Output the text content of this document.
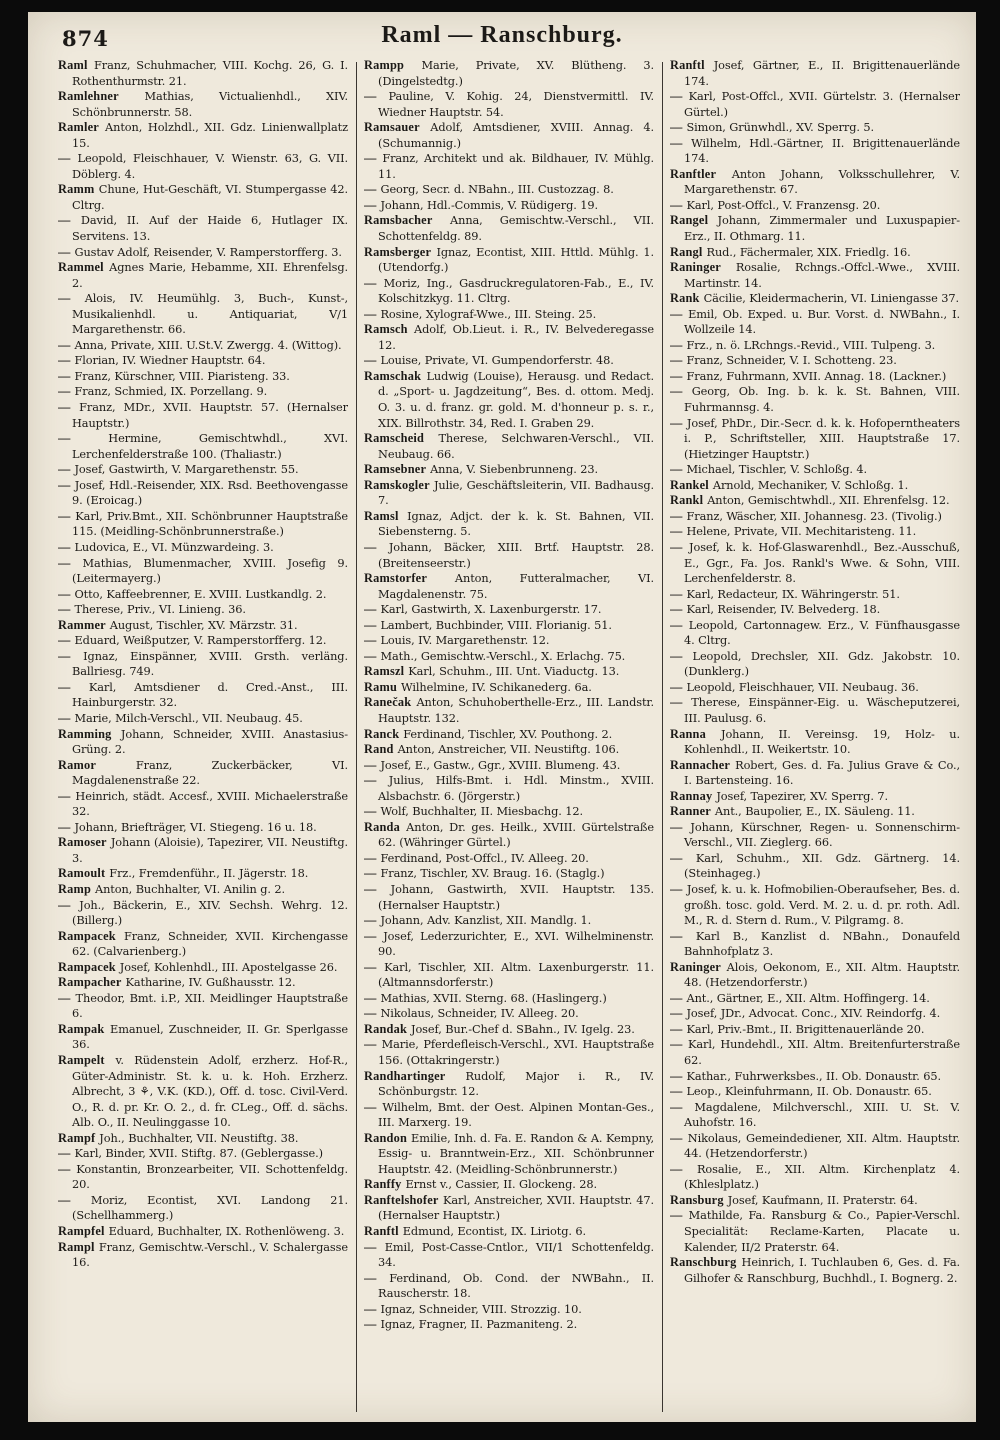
874	Raml — Ranschburg.

Raml Franz, Schuhmacher, VIII. Kochg. 26, G. I. Rothenthurmstr. 21.

Ramlehner Mathias, Victualienhdl., XIV. Schönbrunnerstr. 58.

Ramler Anton, Holzhdl., XII. Gdz. Linienwallplatz 15.

— Leopold, Fleischhauer, V. Wienstr. 63, G. VII. Döblerg. 4.

Ramm Chune, Hut-Geschäft, VI. Stumpergasse 42. Cltrg.

— David, II. Auf der Haide 6, Hutlager IX. Servitens. 13.

— Gustav Adolf, Reisender, V. Ramperstorfferg. 3.

Rammel Agnes Marie, Hebamme, XII. Ehrenfelsg. 2.

— Alois, IV. Heumühlg. 3, Buch-, Kunst-, Musikalienhdl. u. Antiquariat, V/1 Margarethenstr. 66.

— Anna, Private, XIII. U.St.V. Zwergg. 4. (Wittog).

— Florian, IV. Wiedner Hauptstr. 64.

— Franz, Kürschner, VIII. Piaristeng. 33.

— Franz, Schmied, IX. Porzellang. 9.

— Franz, MDr., XVII. Hauptstr. 57. (Hernalser Hauptstr.)

—	Hermine, Gemischtwhdl., XVI. Lerchenfelderstraße 100. (Thaliastr.)

— Josef, Gastwirth, V. Margarethenstr. 55.

— Josef, Hdl.-Reisender, XIX. Rsd. Beethovengasse 9. (Eroicag.)

— Karl, Priv.Bmt., XII. Schönbrunner Hauptstraße 115. (Meidling-Schönbrunnerstraße.)

— Ludovica, E., VI. Münzwardeing. 3.

— Mathias, Blumenmacher, XVIII. Josefig 9. (Leitermayerg.)

— Otto, Kaffeebrenner, E. XVIII. Lustkandlg. 2.

— Therese, Priv., VI. Linieng. 36.

Rammer August, Tischler, XV. Märzstr. 31.

— Eduard, Weißputzer, V. Ramperstorfferg. 12.

— Ignaz, Einspänner, XVIII. Grsth. verläng. Ballriesg. 749.

— Karl, Amtsdiener d. Cred.-Anst., III. Hainburgerstr. 32.

— Marie, Milch-Verschl., VII. Neubaug. 45.

Ramming Johann, Schneider, XVIII. Anastasius-Grüng. 2.

Ramor	Franz, Zuckerbäcker, VI. Magdalenenstraße 22.

— Heinrich, städt. Accesf., XVIII. Michaelerstraße 32.

— Johann, Briefträger, VI. Stiegeng. 16 u. 18.

Ramoser Johann (Aloisie), Tapezirer, VII. Neustiftg. 3.

Ramoult Frz., Fremdenführ., II. Jägerstr. 18.

Ramp Anton, Buchhalter, VI. Anilin g. 2.

— Joh., Bäckerin, E., XIV. Sechsh. Wehrg. 12. (Billerg.)

Rampacek Franz, Schneider, XVII. Kirchengasse 62. (Calvarienberg.)

Rampacek Josef, Kohlenhdl., III. Apostelgasse 26.

Rampacher Katharine, IV. Gußhausstr. 12.

— Theodor, Bmt. i.P., XII. Meidlinger Hauptstraße 6.

Rampak Emanuel, Zuschneider, II. Gr. Sperlgasse 36.

Rampelt v. Rüdenstein Adolf, erzherz. Hof-R., Güter-Administr. St. k. u. k. Hoh. Erzherz. Albrecht, 3 ⚘, V.K. (KD.), Off. d. tosc. Civil-Verd. O., R. d. pr. Kr. O. 2., d. fr. CLeg., Off. d. sächs. Alb. O., II. Neulinggasse 10.

Rampf Joh., Buchhalter, VII. Neustiftg. 38.

— Karl, Binder, XVII. Stiftg. 87. (Geblergasse.)

— Konstantin, Bronzearbeiter, VII. Schottenfeldg. 20.

— Moriz, Econtist, XVI. Landong 21. (Schellhammerg.)

Rampfel Eduard, Buchhalter, IX. Rothenlöweng. 3.

Rampl Franz, Gemischtw.-Verschl., V. Schalergasse 16.

Rampp Marie, Private, XV. Blütheng. 3. (Dingelstedtg.)

— Pauline, V. Kohig. 24, Dienstvermittl. IV. Wiedner Hauptstr. 54.

Ramsauer Adolf, Amtsdiener, XVIII. Annag. 4. (Schumannig.)

— Franz, Architekt und ak. Bildhauer, IV. Mühlg. 11.

— Georg, Secr. d. NBahn., III. Custozzag. 8.

— Johann, Hdl.-Commis, V. Rüdigerg. 19.

Ramsbacher Anna, Gemischtw.-Verschl., VII. Schottenfeldg. 89.

Ramsberger Ignaz, Econtist, XIII. Httld. Mühlg. 1. (Utendorfg.)

— Moriz, Ing., Gasdruckregulatoren-Fab., E., IV. Kolschitzkyg. 11. Cltrg.

— Rosine, Xylograf-Wwe., III. Steing. 25.

Ramsch Adolf, Ob.Lieut. i. R., IV. Belvederegasse 12.

— Louise, Private, VI. Gumpendorferstr. 48.

Ramschak Ludwig (Louise), Herausg. und Redact. d. „Sport- u. Jagdzeitung“, Bes. d. ottom. Medj. O. 3. u. d. franz. gr. gold. M. d'honneur p. s. r., XIX. Billrothstr. 34, Red. I. Graben 29.

Ramscheid Therese, Selchwaren-Verschl., VII. Neubaug. 66.

Ramsebner Anna, V. Siebenbrunneng. 23.

Ramskogler Julie, Geschäftsleiterin, VII. Badhausg. 7.

Ramsl Ignaz, Adjct. der k. k. St. Bahnen, VII. Siebensterng. 5.

— Johann, Bäcker, XIII. Brtf. Hauptstr. 28. (Breitenseerstr.)

Ramstorfer Anton, Futteralmacher, VI. Magdalenenstr. 75.

— Karl, Gastwirth, X. Laxenburgerstr. 17.

— Lambert, Buchbinder, VIII. Florianig. 51.

— Louis, IV. Margarethenstr. 12.

— Math., Gemischtw.-Verschl., X. Erlachg. 75.

Ramszl Karl, Schuhm., III. Unt. Viaductg. 13.

Ramu Wilhelmine, IV. Schikanederg. 6a.

Ranečak Anton, Schuhoberthelle-Erz., III. Landstr. Hauptstr. 132.

Ranck Ferdinand, Tischler, XV. Pouthong. 2.

Rand Anton, Anstreicher, VII. Neustiftg. 106.

— Josef, E., Gastw., Ggr., XVIII. Blumeng. 43.

— Julius, Hilfs-Bmt. i. Hdl. Minstm., XVIII. Alsbachstr. 6. (Jörgerstr.)

— Wolf, Buchhalter, II. Miesbachg. 12.

Randa Anton, Dr. ges. Heilk., XVIII. Gürtelstraße 62. (Währinger Gürtel.)

— Ferdinand, Post-Offcl., IV. Alleeg. 20.

— Franz, Tischler, XV. Braug. 16. (Staglg.)

— Johann, Gastwirth, XVII. Hauptstr. 135. (Hernalser Hauptstr.)

— Johann, Adv. Kanzlist, XII. Mandlg. 1.

— Josef, Lederzurichter, E., XVI. Wilhelminenstr. 90.

— Karl, Tischler, XII. Altm. Laxenburgerstr. 11. (Altmannsdorferstr.)

— Mathias, XVII. Sterng. 68. (Haslingerg.)

— Nikolaus, Schneider, IV. Alleeg. 20.

Randak Josef, Bur.-Chef d. SBahn., IV. Igelg. 23.

— Marie, Pferdefleisch-Verschl., XVI. Hauptstraße 156. (Ottakringerstr.)

Randhartinger Rudolf, Major i. R., IV. Schönburgstr. 12.

— Wilhelm, Bmt. der Oest. Alpinen Montan-Ges., III. Marxerg. 19.

Randon Emilie, Inh. d. Fa. E. Randon & A. Kempny, Essig- u. Branntwein-Erz., XII. Schönbrunner Hauptstr. 42. (Meidling-Schönbrunnerstr.)

Ranffy Ernst v., Cassier, II. Glockeng. 28.

Ranftelshofer Karl, Anstreicher, XVII. Hauptstr. 47. (Hernalser Hauptstr.)

Ranftl Edmund, Econtist, IX. Liriotg. 6.

— Emil, Post-Casse-Cntlor., VII/1 Schottenfeldg. 34.

— Ferdinand, Ob. Cond. der NWBahn., II. Rauscherstr. 18.

— Ignaz, Schneider, VIII. Strozzig. 10.

— Ignaz, Fragner, II. Pazmaniteng. 2.

Ranftl Josef, Gärtner, E., II. Brigittenauerlände 174.

— Karl, Post-Offcl., XVII. Gürtelstr. 3. (Hernalser Gürtel.)

— Simon, Grünwhdl., XV. Sperrg. 5.

— Wilhelm, Hdl.-Gärtner, II. Brigittenauerlände 174.

Ranftler Anton Johann, Volksschullehrer, V. Margarethenstr. 67.

— Karl, Post-Offcl., V. Franzensg. 20.

Rangel Johann, Zimmermaler und Luxuspapier-Erz., II. Othmarg. 11.

Rangl Rud., Fächermaler, XIX. Friedlg. 16.

Raninger Rosalie, Rchngs.-Offcl.-Wwe., XVIII. Martinstr. 14.

Rank Cäcilie, Kleidermacherin, VI. Liniengasse 37.

— Emil, Ob. Exped. u. Bur. Vorst. d. NWBahn., I. Wollzeile 14.

— Frz., n. ö. LRchngs.-Revid., VIII. Tulpeng. 3.

— Franz, Schneider, V. I. Schotteng. 23.

— Franz, Fuhrmann, XVII. Annag. 18. (Lackner.)

— Georg, Ob. Ing. b. k. k. St. Bahnen, VIII. Fuhrmannsg. 4.

— Josef, PhDr., Dir.-Secr. d. k. k. Hofoperntheaters i. P., Schriftsteller, XIII. Hauptstraße 17. (Hietzinger Hauptstr.)

— Michael, Tischler, V. Schloßg. 4.

Rankel Arnold, Mechaniker, V. Schloßg. 1.

Rankl Anton, Gemischtwhdl., XII. Ehrenfelsg. 12.

— Franz, Wäscher, XII. Johannesg. 23. (Tivolig.)

— Helene, Private, VII. Mechitaristeng. 11.

— Josef, k. k. Hof-Glaswarenhdl., Bez.-Ausschuß, E., Ggr., Fa. Jos. Rankl's Wwe. & Sohn, VIII. Lerchenfelderstr. 8.

— Karl, Redacteur, IX. Währingerstr. 51.

— Karl, Reisender, IV. Belvederg. 18.

— Leopold, Cartonnagew. Erz., V. Fünfhausgasse 4. Cltrg.

— Leopold, Drechsler, XII. Gdz. Jakobstr. 10. (Dunklerg.)

— Leopold, Fleischhauer, VII. Neubaug. 36.

— Therese, Einspänner-Eig. u. Wäscheputzerei, III. Paulusg. 6.

Ranna Johann, II. Vereinsg. 19, Holz- u. Kohlenhdl., II. Weikertstr. 10.

Rannacher Robert, Ges. d. Fa. Julius Grave & Co., I. Bartensteing. 16.

Rannay Josef, Tapezirer, XV. Sperrg. 7.

Ranner Ant., Baupolier, E., IX. Säuleng. 11.

— Johann, Kürschner, Regen- u. Sonnenschirm-Verschl., VII. Zieglerg. 66.

— Karl, Schuhm., XII. Gdz. Gärtnerg. 14. (Steinhageg.)

— Josef, k. u. k. Hofmobilien-Oberaufseher, Bes. d. großh. tosc. gold. Verd. M. 2. u. d. pr. roth. Adl. M., R. d. Stern d. Rum., V. Pilgramg. 8.

— Karl B., Kanzlist d. NBahn., Donaufeld Bahnhofplatz 3.

Raninger Alois, Oekonom, E., XII. Altm. Hauptstr. 48. (Hetzendorferstr.)

— Ant., Gärtner, E., XII. Altm. Hoffingerg. 14.

— Josef, JDr., Advocat. Conc., XIV. Reindorfg. 4.

— Karl, Priv.-Bmt., II. Brigittenauerlände 20.

— Karl, Hundehdl., XII. Altm. Breitenfurterstraße 62.

— Kathar., Fuhrwerksbes., II. Ob. Donaustr. 65.

— Leop., Kleinfuhrmann, II. Ob. Donaustr. 65.

— Magdalene, Milchverschl., XIII. U. St. V. Auhofstr. 16.

— Nikolaus, Gemeindediener, XII. Altm. Hauptstr. 44. (Hetzendorferstr.)

— Rosalie, E., XII. Altm. Kirchenplatz 4. (Khleslplatz.)

Ransburg Josef, Kaufmann, II. Praterstr. 64.

— Mathilde, Fa. Ransburg & Co., Papier-Verschl. Specialität: Reclame-Karten, Placate u. Kalender, II/2 Praterstr. 64.

Ranschburg Heinrich, I. Tuchlauben 6, Ges. d. Fa. Gilhofer & Ranschburg, Buchhdl., I. Bognerg. 2.
